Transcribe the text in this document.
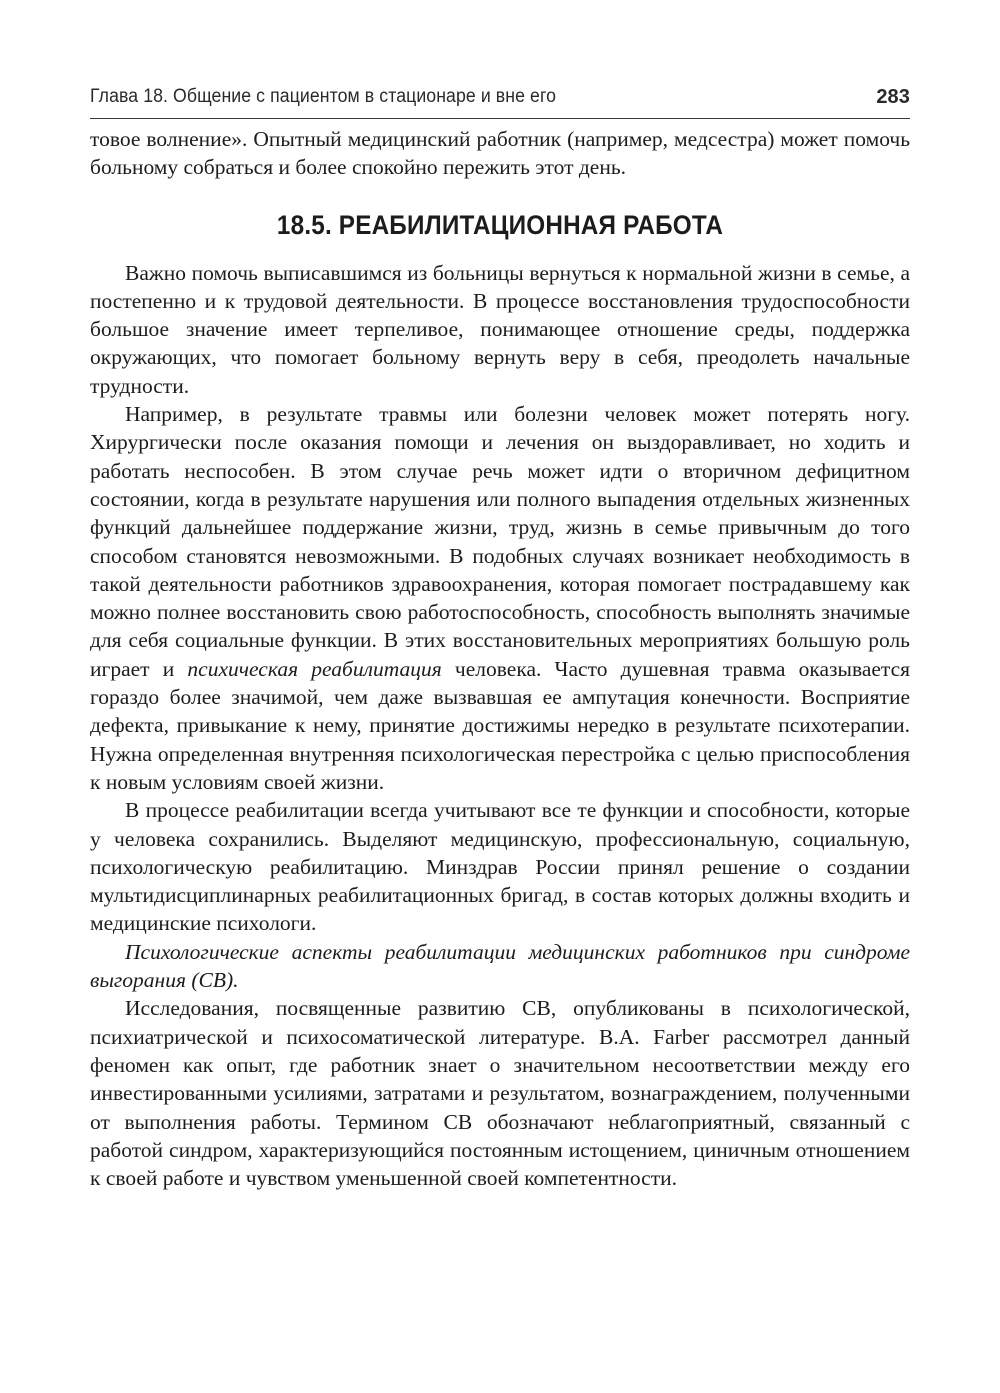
Глава 18. Общение с пациентом в стационаре и вне его	283

товое волнение». Опытный медицинский работник (например, медсестра) может помочь больному собраться и более спокойно пережить этот день.

18.5. РЕАБИЛИТАЦИОННАЯ РАБОТА

Важно помочь выписавшимся из больницы вернуться к нормальной жизни в семье, а постепенно и к трудовой деятельности. В процессе восстановления трудоспособности большое значение имеет терпеливое, понимающее отношение среды, поддержка окружающих, что помогает больному вернуть веру в себя, преодолеть начальные трудности.

Например, в результате травмы или болезни человек может потерять ногу. Хирургически после оказания помощи и лечения он выздоравливает, но ходить и работать неспособен. В этом случае речь может идти о вторичном дефицитном состоянии, когда в результате нарушения или полного выпадения отдельных жизненных функций дальнейшее поддержание жизни, труд, жизнь в семье привычным до того способом становятся невозможными. В подобных случаях возникает необходимость в такой деятельности работников здравоохранения, которая помогает пострадавшему как можно полнее восстановить свою работоспособность, способность выполнять значимые для себя социальные функции. В этих восстановительных мероприятиях большую роль играет и психическая реабилитация человека. Часто душевная травма оказывается гораздо более значимой, чем даже вызвавшая ее ампутация конечности. Восприятие дефекта, привыкание к нему, принятие достижимы нередко в результате психотерапии. Нужна определенная внутренняя психологическая перестройка с целью приспособления к новым условиям своей жизни.

В процессе реабилитации всегда учитывают все те функции и способности, которые у человека сохранились. Выделяют медицинскую, профессиональную, социальную, психологическую реабилитацию. Минздрав России принял решение о создании мультидисциплинарных реабилитационных бригад, в состав которых должны входить и медицинские психологи.

Психологические аспекты реабилитации медицинских работников при синдроме выгорания (СВ).

Исследования, посвященные развитию СВ, опубликованы в психологической, психиатрической и психосоматической литературе. B.A. Farber рассмотрел данный феномен как опыт, где работник знает о значительном несоответствии между его инвестированными усилиями, затратами и результатом, вознаграждением, полученными от выполнения работы. Термином СВ обозначают неблагоприятный, связанный с работой синдром, характеризующийся постоянным истощением, циничным отношением к своей работе и чувством уменьшенной своей компетентности.
